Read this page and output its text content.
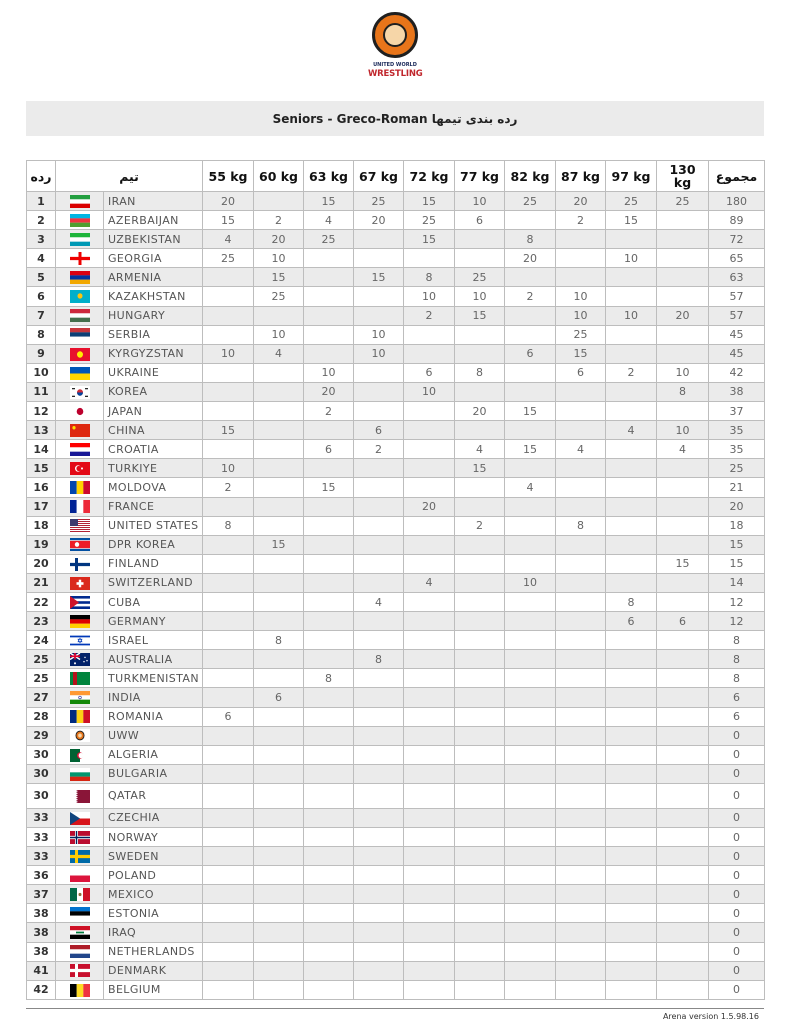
UNITED WORLD
WRESTLING
Seniors - Greco-Roman رده بندی تیمها
رده	تیم		55 kg	60 kg	63 kg	67 kg	72 kg	77 kg	82 kg	87 kg	97 kg	130 kg	مجموع
1		IRAN	20		15	25	15	10	25	20	25	25	180
2		AZERBAIJAN	15	2	4	20	25	6		2	15		89
3		UZBEKISTAN	4	20	25		15		8				72
4		GEORGIA	25	10					20		10		65
5		ARMENIA		15		15	8	25					63
6		KAZAKHSTAN		25			10	10	2	10			57
7		HUNGARY					2	15		10	10	20	57
8		SERBIA		10		10				25			45
9		KYRGYZSTAN	10	4		10			6	15			45
10		UKRAINE			10		6	8		6	2	10	42
11		KOREA			20		10					8	38
12		JAPAN			2			20	15				37
13		CHINA	15			6					4	10	35
14		CROATIA			6	2		4	15	4		4	35
15		TURKIYE	10					15					25
16		MOLDOVA	2		15				4				21
17		FRANCE					20						20
18		UNITED STATES	8					2		8			18
19		DPR KOREA		15									15
20		FINLAND										15	15
21		SWITZERLAND					4		10				14
22		CUBA				4					8		12
23		GERMANY									6	6	12
24		ISRAEL		8									8
25		AUSTRALIA				8							8
25		TURKMENISTAN			8								8
27		INDIA		6									6
28		ROMANIA	6										6
29		UWW											0
30		ALGERIA											0
30		BULGARIA											0
30		QATAR											0
33		CZECHIA											0
33		NORWAY											0
33		SWEDEN											0
36		POLAND											0
37		MEXICO											0
38		ESTONIA											0
38		IRAQ											0
38		NETHERLANDS											0
41		DENMARK											0
42		BELGIUM											0
Arena version 1.5.98.16
